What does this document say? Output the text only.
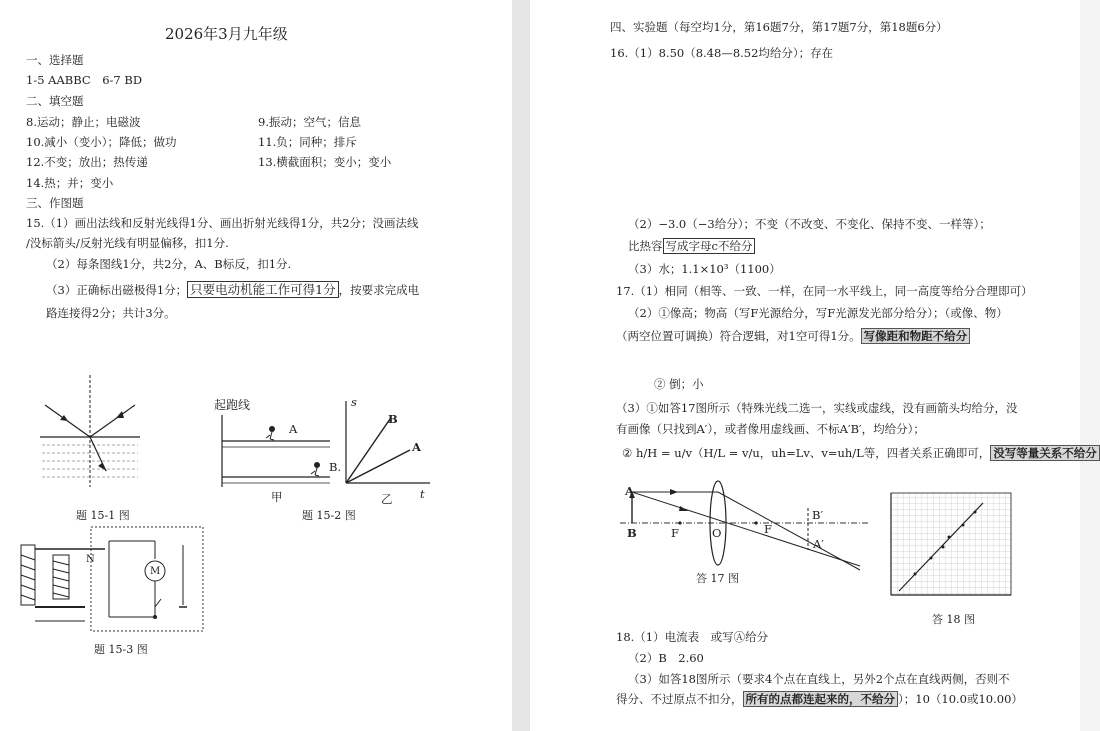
2026年3月九年级
一、选择题
1-5 AABBC　6-7 BD
二、填空题
8.运动；静止；电磁波	9.振动；空气；信息
10.减小（变小）；降低；做功	11.负；同种；排斥
12.不变；放出；热传递	13.横截面积；变小；变小
14.热；并；变小
三、作图题
15.（1）画出法线和反射光线得1分、画出折射光线得1分，共2分；没画法线
/没标箭头/反射光线有明显偏移，扣1分.
（2）每条图线1分，共2分，A、B标反，扣1分.
（3）正确标出磁极得1分； 只要电动机能工作可得1分 ，按要求完成电
路连接得2分；共计3分。
题 15-1 图
起跑线
A
B.
s
B
A
t
甲	乙
题 15-2 图
N
M
题 15-3 图
四、实验题（每空均1分，第16题7分，第17题7分，第18题6分）
16.（1）8.50（8.48—8.52均给分）；存在
（2）−3.0（−3给分）；不变（不改变、不变化、保持不变、一样等）；
比热容 写成字母c不给分
（3）水；1.1×10³（1100）
17.（1）相同（相等、一致、一样，在同一水平线上，同一高度等给分合理即可）
（2）①像高；物高（写F光源给分，写F光源发光部分给分）；（或像、物）
（两空位置可调换）符合逻辑，对1空可得1分。 写像距和物距不给分
② 倒；小
（3）①如答17图所示（特殊光线二选一，实线或虚线，没有画箭头均给分，没
有画像（只找到A′），或者像用虚线画、不标A′B′，均给分）；
② h/H = u/v（H/L = v/u，uh=Lv、v=uh/L等，四者关系正确即可， 没写等量关系不给分
A
B	F	O	F
B′
A′
答 17 图
答 18 图
18.（1）电流表　或写Ⓐ给分
（2）B　2.60
（3）如答18图所示（要求4个点在直线上，另外2个点在直线两侧，否则不
得分、不过原点不扣分， 所有的点都连起来的，不给分 ）；10（10.0或10.00）
